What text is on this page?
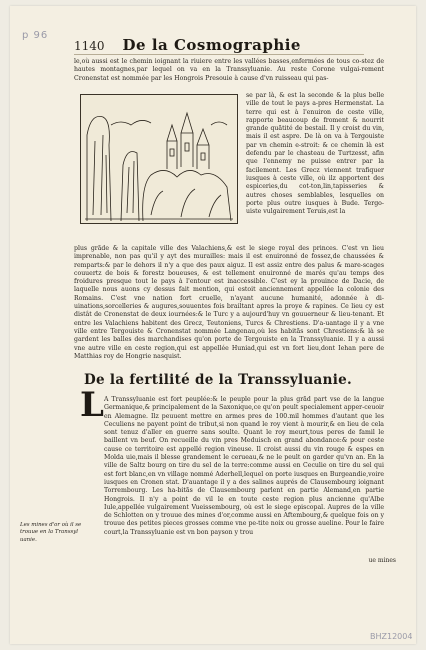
p 96
BHZ12004
1140 De la Cosmographie

le,où aussi est le chemin ioignant la riuiere entre les vallées basses,enfermées de tous co-stez de hautes montagnes,par lequel on va en la Transsyluanie. Au reste Corone vulgai-rement Cronenstat est nommée par les Hongrois Presouie à cause d'vn ruisseau qui pas-

se par là, & est la seconde & la plus belle ville de tout le pays a-pres Hermenstat. La terre qui est à l'enuiron de ceste ville, rapporte beaucoup de froment & nourrit grande quãtité de bestail. Il y croist du vin, mais il est aspre. De là on va à Tergouiste par vn chemin e-stroit: & ce chemin là est defendu par le chasteau de Turtzesst, afin que l'ennemy ne puisse entrer par la facilement. Les Grecz viennent trafiquer iusques à ceste ville, où ilz apportent des espiceries,du cot-ton,lin,tapisseries & autres choses semblables, lesquelles on porte plus outre iusques à Bude. Tergo-uiste vulgairement Teruis,est la

plus grãde & la capitale ville des Valachiens,& est le siege royal des princes. C'est vn lieu imprenable, non pas qu'il y ayt des murailles: mais il est enuironné de fossez,de chaussées & remparts:& par le dehors il n'y a que des paux aiguz. Il est assiz entre des palus & mare-scages couuertz de bois & forestz boueuses, & est tellement enuironné de marés qu'au temps des froidures presque tout le pays à l'entour est inaccessible. C'est ey la prouince de Dacie, de laquelle nous auons cy dessus fait mention, qui estoit anciennement appellée la colonie des Romains. C'est vne nation fort cruelle, n'ayant aucune humanité, adonnée à di-uinations,sorcelleries & augures,souuentes fois brailtant apres la proye & rapines. Ce lieu cy est distât de Cronenstat de deux iournées:& le Turc y a aujourd'huy vn gouuerneur & lieu-tenant. Et entre les Valachiens habitent des Grecz, Teutoniens, Turcs & Chrestiens. D'a-uantage il y a vne ville entre Tergouiste & Cronenstat nommée Langenau,où les habitãs sont Chrestiens:& là se gardent les balles des marchandises qu'on porte de Tergouiste en la Transsyluanie. Il y a aussi vne autre ville en ceste region,qui est appellée Huniad,qui est vn fort lieu,dont Iehan pere de Matthias roy de Hongrie nasquist.

De la fertilité de la Transsyluanie.
L A Transsyluanie est fort peuplée:& le peuple pour la plus grãd part vse de la langue Germanique,& principalement de la Saxonique,ce qu'on peult specialement apper-ceuoir en Alemagne. Ilz peuuent mettre en armes pres de 100.mil hommes d'autant que les Ceculiens ne payent point de tribut,si non quand le roy vient à mourir,& en lieu de cela sont tenuz d'aller en guerre sans soulte. Quant le roy meurt,tous peres de famil le baillent vn beuf. On recueille du vin pres Meduisch en grand abondance:& pour ceste cause ce territoire est appellé region vineuse. Il croist aussi du vin rouge & espes en Molda uie,mais il blesse grandement le cerueau,& ne le peult on garder qu'vn an. En la ville de Saltz bourg on tire du sel de la terre:comme aussi en Ceculie on tire du sel qui est fort blanc,en vn village nommé Aderhell,lequel on porte iusques en Burgeandie,voire iusques en Cronen stat. D'auantage il y a des salines auprés de Clausembourg ioignant Torrembourg. Les ha-bitãs de Clausembourg parlent en partie Alemand,en partie Hongrois. Il n'y a point de vil le en toute ceste region plus ancienne qu'Albe Iule,appellée vulgairement Vueissembourg, où est le siege episcopal. Aupres de la ville de Schlotten on y trouue des mines d'or,comme aussi en Aftembourg,& quelque fois on y trouue des petites pieces grosses comme vne pe-tite noix ou grosse aueline. Pour le faire court,la Transsyluanie est vn bon payson y trou

Les mines d'or où il se trouue en la Transsyl uanie.
ue mines
